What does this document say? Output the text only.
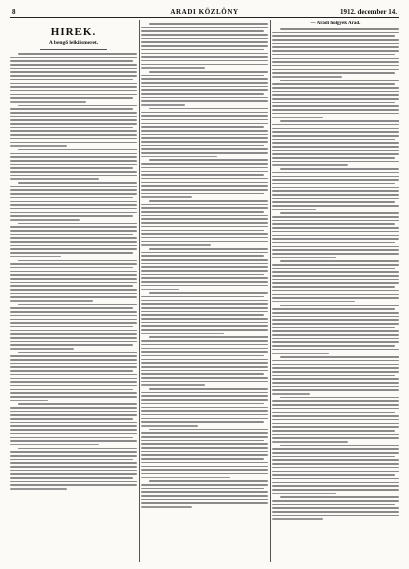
8	ARADI KÖZLÖNY	1912. december 14.
HIREK.
A bengő lelkiismeret.
— Aradi holgyek Arad.
